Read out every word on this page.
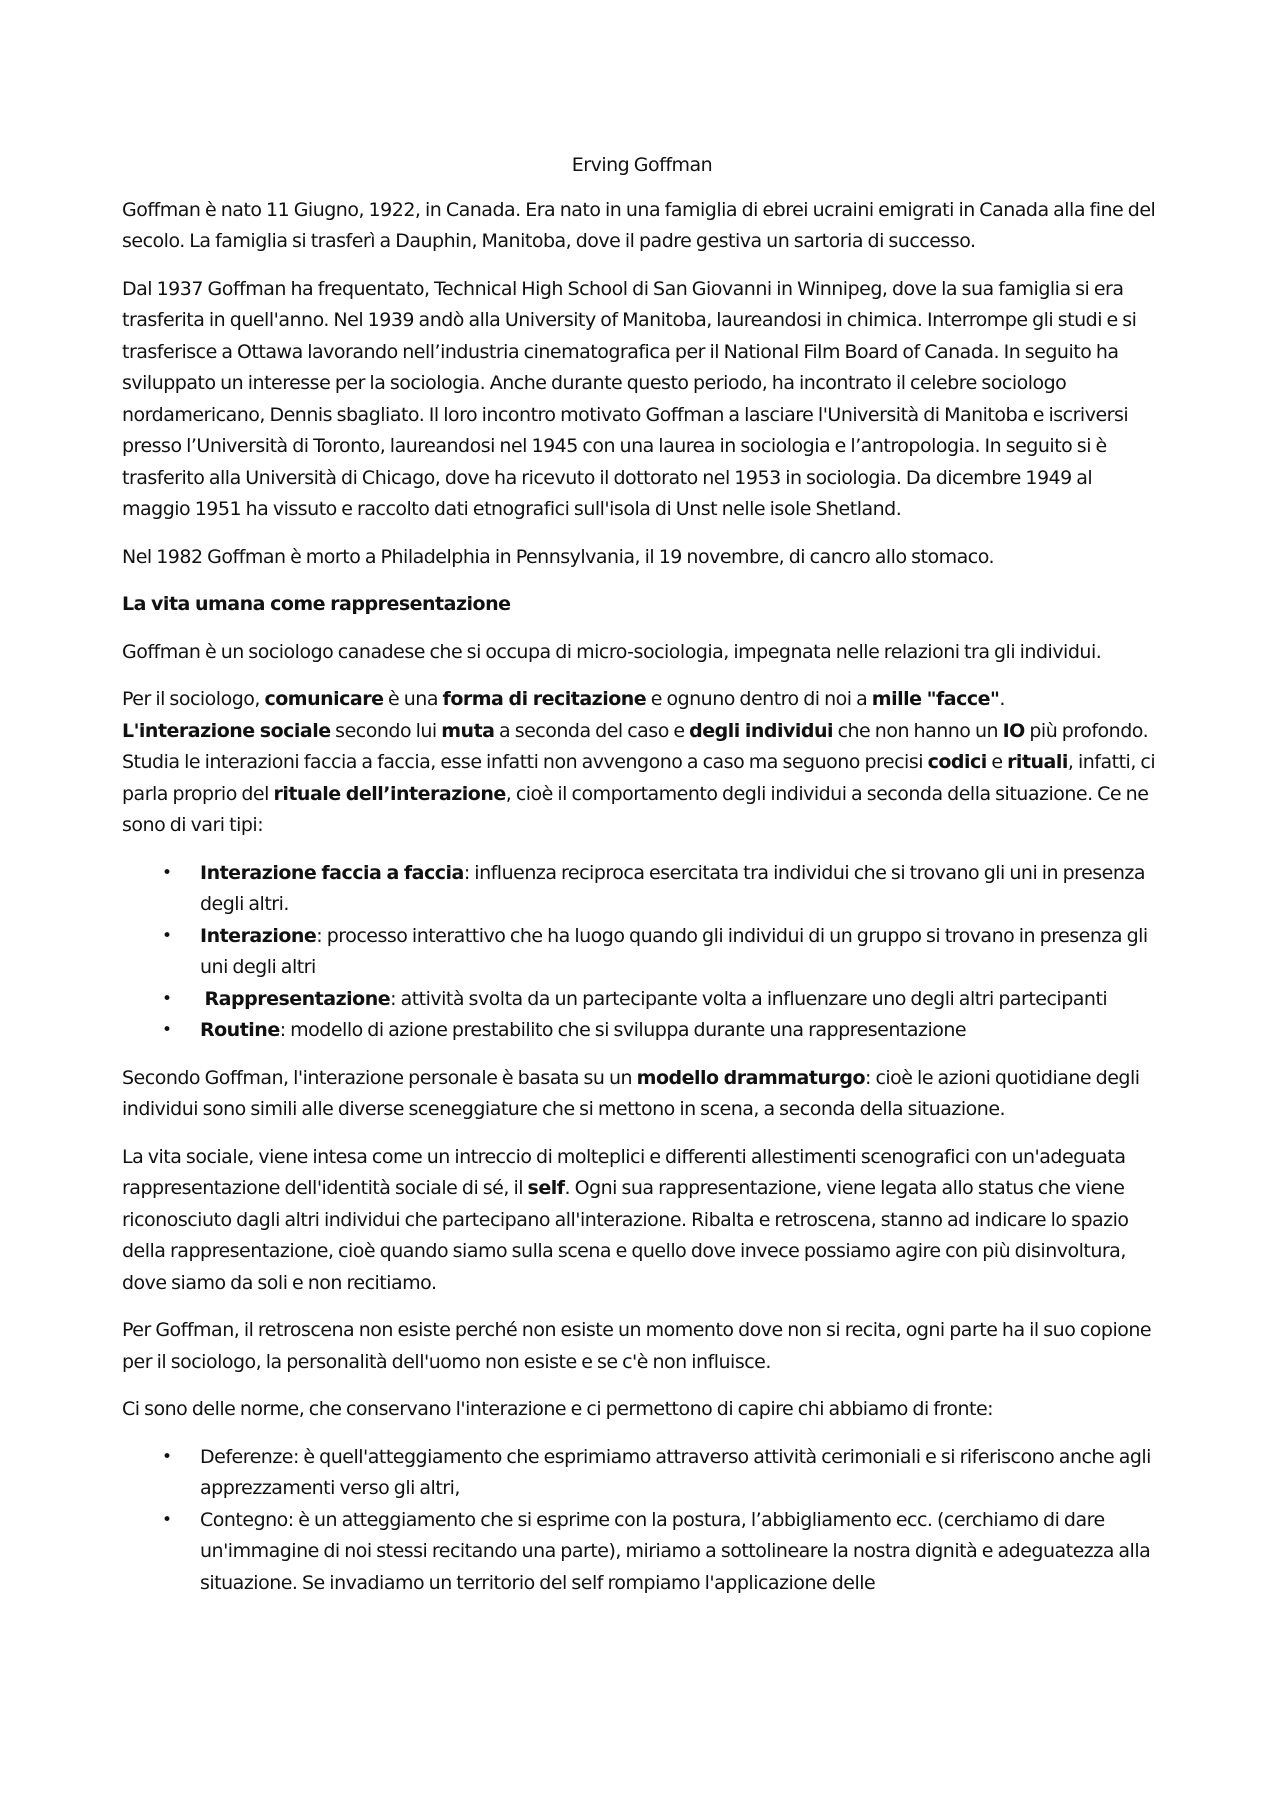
Erving Goffman

Goffman è nato 11 Giugno, 1922, in Canada. Era nato in una famiglia di ebrei ucraini emigrati in Canada alla fine del secolo. La famiglia si trasferì a Dauphin, Manitoba, dove il padre gestiva un sartoria di successo.

Dal 1937 Goffman ha frequentato, Technical High School di San Giovanni in Winnipeg, dove la sua famiglia si era trasferita in quell'anno. Nel 1939 andò alla University of Manitoba, laureandosi in chimica. Interrompe gli studi e si trasferisce a Ottawa lavorando nell’industria cinematografica per il National Film Board of Canada. In seguito ha sviluppato un interesse per la sociologia. Anche durante questo periodo, ha incontrato il celebre sociologo nordamericano, Dennis sbagliato. Il loro incontro motivato Goffman a lasciare l'Università di Manitoba e iscriversi presso l’Università di Toronto, laureandosi nel 1945 con una laurea in sociologia e l’antropologia. In seguito si è trasferito alla Università di Chicago, dove ha ricevuto il dottorato nel 1953 in sociologia. Da dicembre 1949 al maggio 1951 ha vissuto e raccolto dati etnografici sull'isola di Unst nelle isole Shetland.

Nel 1982 Goffman è morto a Philadelphia in Pennsylvania, il 19 novembre, di cancro allo stomaco.

La vita umana come rappresentazione

Goffman è un sociologo canadese che si occupa di micro-sociologia, impegnata nelle relazioni tra gli individui.

Per il sociologo, comunicare è una forma di recitazione e ognuno dentro di noi a mille "facce".
L'interazione sociale secondo lui muta a seconda del caso e degli individui che non hanno un IO più profondo. Studia le interazioni faccia a faccia, esse infatti non avvengono a caso ma seguono precisi codici e rituali, infatti, ci parla proprio del rituale dell’interazione, cioè il comportamento degli individui a seconda della situazione. Ce ne sono di vari tipi:

• Interazione faccia a faccia: influenza reciproca esercitata tra individui che si trovano gli uni in presenza degli altri.
• Interazione: processo interattivo che ha luogo quando gli individui di un gruppo si trovano in presenza gli uni degli altri
• Rappresentazione: attività svolta da un partecipante volta a influenzare uno degli altri partecipanti
• Routine: modello di azione prestabilito che si sviluppa durante una rappresentazione

Secondo Goffman, l'interazione personale è basata su un modello drammaturgo: cioè le azioni quotidiane degli individui sono simili alle diverse sceneggiature che si mettono in scena, a seconda della situazione.

La vita sociale, viene intesa come un intreccio di molteplici e differenti allestimenti scenografici con un'adeguata rappresentazione dell'identità sociale di sé, il self. Ogni sua rappresentazione, viene legata allo status che viene riconosciuto dagli altri individui che partecipano all'interazione. Ribalta e retroscena, stanno ad indicare lo spazio della rappresentazione, cioè quando siamo sulla scena e quello dove invece possiamo agire con più disinvoltura, dove siamo da soli e non recitiamo.

Per Goffman, il retroscena non esiste perché non esiste un momento dove non si recita, ogni parte ha il suo copione per il sociologo, la personalità dell'uomo non esiste e se c'è non influisce.

Ci sono delle norme, che conservano l'interazione e ci permettono di capire chi abbiamo di fronte:

• Deferenze: è quell'atteggiamento che esprimiamo attraverso attività cerimoniali e si riferiscono anche agli apprezzamenti verso gli altri,
• Contegno: è un atteggiamento che si esprime con la postura, l’abbigliamento ecc. (cerchiamo di dare un'immagine di noi stessi recitando una parte), miriamo a sottolineare la nostra dignità e adeguatezza alla situazione. Se invadiamo un territorio del self rompiamo l'applicazione delle
